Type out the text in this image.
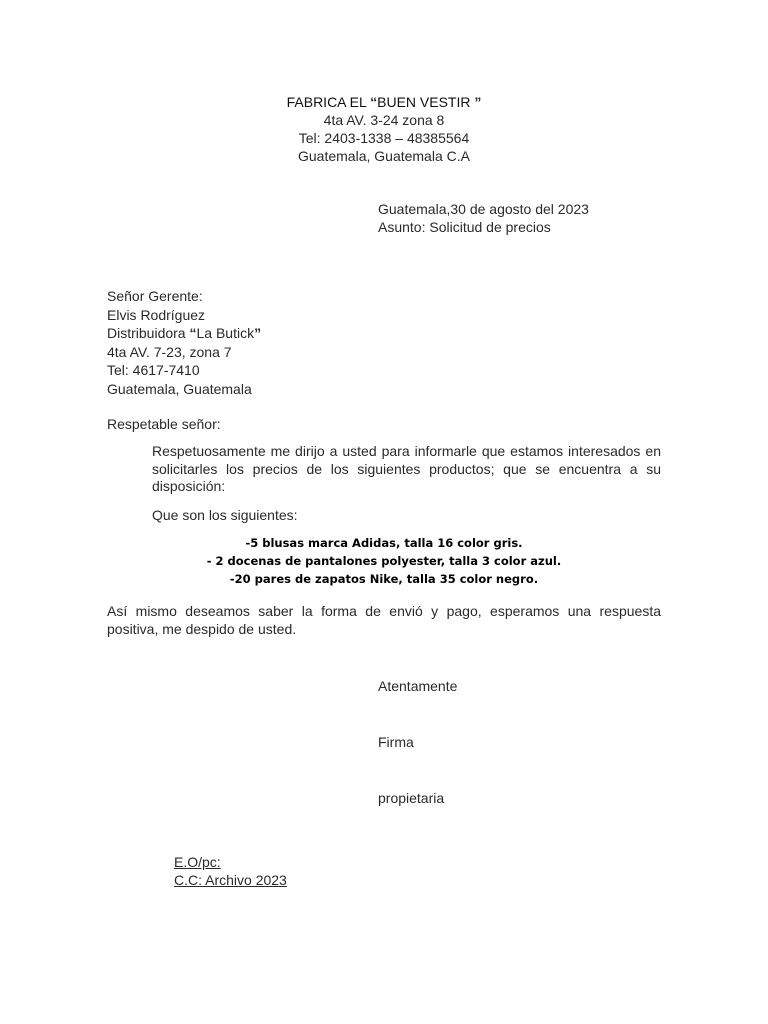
FABRICA EL “BUEN VESTIR ”
4ta AV. 3-24 zona 8
Tel: 2403-1338 – 48385564
Guatemala, Guatemala C.A
Guatemala,30 de agosto del 2023
Asunto: Solicitud de precios
Señor Gerente:
Elvis Rodríguez
Distribuidora “La Butick”
4ta AV. 7-23, zona 7
Tel: 4617-7410
Guatemala, Guatemala
Respetable señor:
Respetuosamente me dirijo a usted para informarle que estamos interesados en solicitarles los precios de los siguientes productos; que se encuentra a su disposición:
Que son los siguientes:
-5 blusas marca Adidas, talla 16 color gris.
- 2 docenas de pantalones polyester, talla 3 color azul.
-20 pares de zapatos Nike, talla 35 color negro.
Así mismo deseamos saber la forma de envió y pago, esperamos una respuesta positiva, me despido de usted.
Atentamente
Firma
propietaria
E.O/pc:
C.C: Archivo 2023
